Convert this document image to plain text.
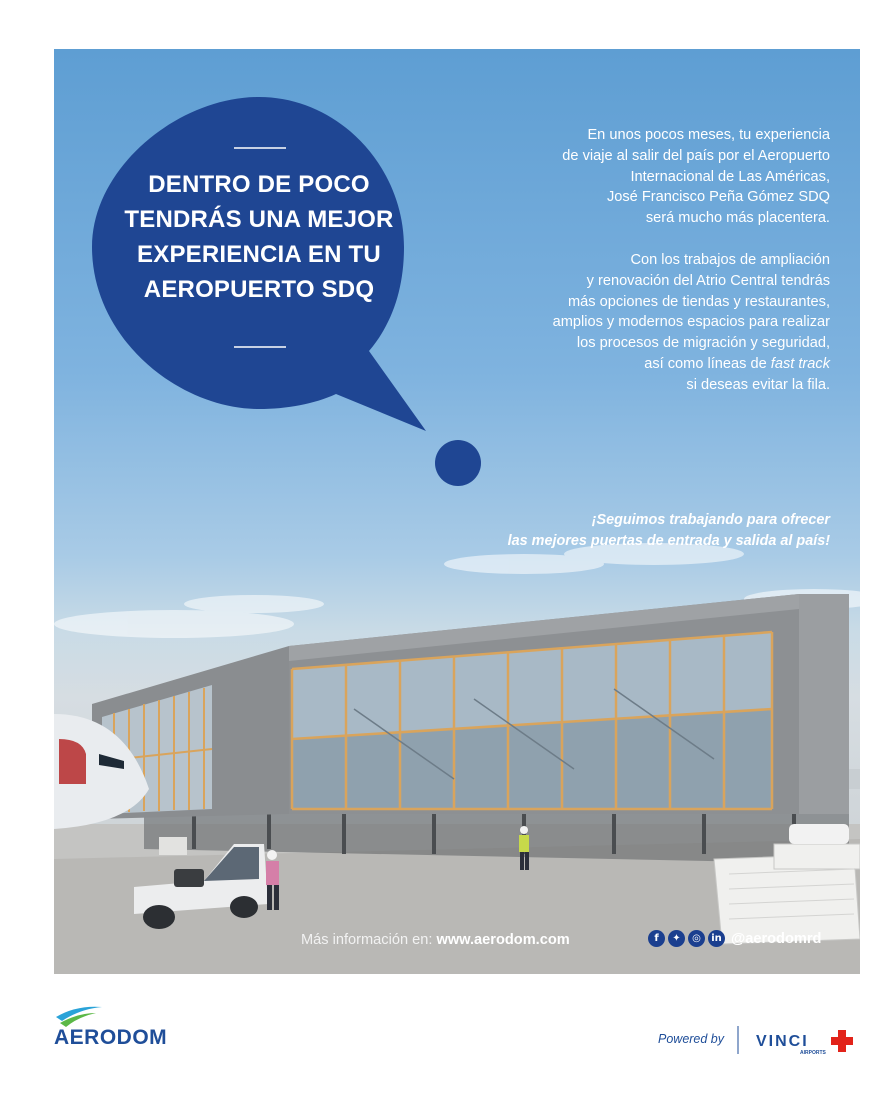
DENTRO DE POCO
TENDRÁS UNA MEJOR
EXPERIENCIA EN TU
AEROPUERTO SDQ

En unos pocos meses, tu experiencia
de viaje al salir del país por el Aeropuerto
Internacional de Las Américas,
José Francisco Peña Gómez SDQ
será mucho más placentera.

Con los trabajos de ampliación
y renovación del Atrio Central tendrás
más opciones de tiendas y restaurantes,
amplios y modernos espacios para realizar
los procesos de migración y seguridad,
así como líneas de fast track
si deseas evitar la fila.

¡Seguimos trabajando para ofrecer
las mejores puertas de entrada y salida al país!
Más información en: www.aerodom.com	f	✦	◎	in @aerodomrd
AERODOM	Powered by VINCI
AIRPORTS
